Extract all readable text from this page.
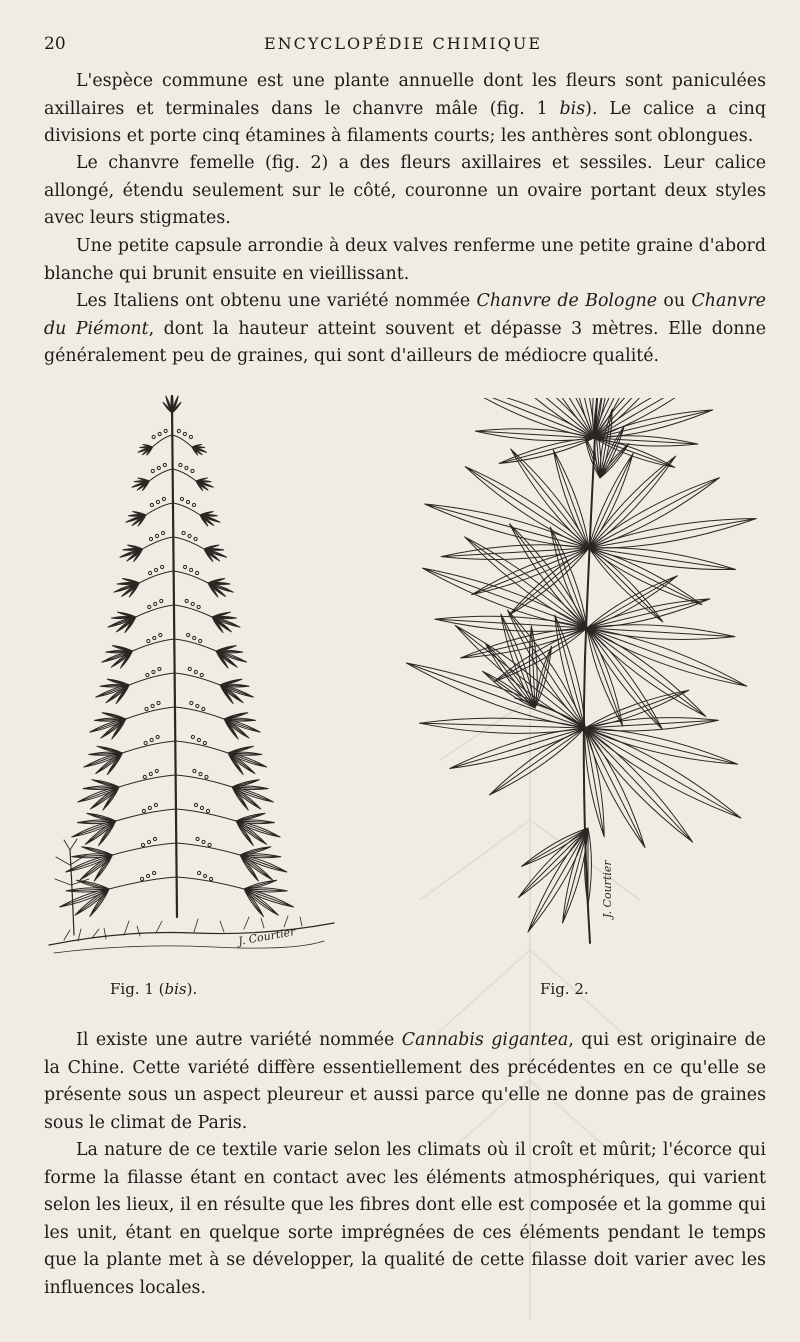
20	ENCYCLOPÉDIE CHIMIQUE

L'espèce commune est une plante annuelle dont les fleurs sont paniculées axillaires et terminales dans le chanvre mâle (fig. 1 bis). Le calice a cinq divisions et porte cinq étamines à filaments courts; les anthères sont oblongues.

Le chanvre femelle (fig. 2) a des fleurs axillaires et sessiles. Leur calice allongé, étendu seulement sur le côté, couronne un ovaire portant deux styles avec leurs stigmates.

Une petite capsule arrondie à deux valves renferme une petite graine d'abord blanche qui brunit ensuite en vieillissant.

Les Italiens ont obtenu une variété nommée Chanvre de Bologne ou Chanvre du Piémont, dont la hauteur atteint souvent et dépasse 3 mètres. Elle donne généralement peu de graines, qui sont d'ailleurs de médiocre qualité.

J. Courtier
J. Courtier
Fig. 1 (bis).	Fig. 2.

Il existe une autre variété nommée Cannabis gigantea, qui est originaire de la Chine. Cette variété diffère essentiellement des précédentes en ce qu'elle se présente sous un aspect pleureur et aussi parce qu'elle ne donne pas de graines sous le climat de Paris.

La nature de ce textile varie selon les climats où il croît et mûrit; l'écorce qui forme la filasse étant en contact avec les éléments atmosphériques, qui varient selon les lieux, il en résulte que les fibres dont elle est composée et la gomme qui les unit, étant en quelque sorte imprégnées de ces éléments pendant le temps que la plante met à se développer, la qualité de cette filasse doit varier avec les influences locales.
